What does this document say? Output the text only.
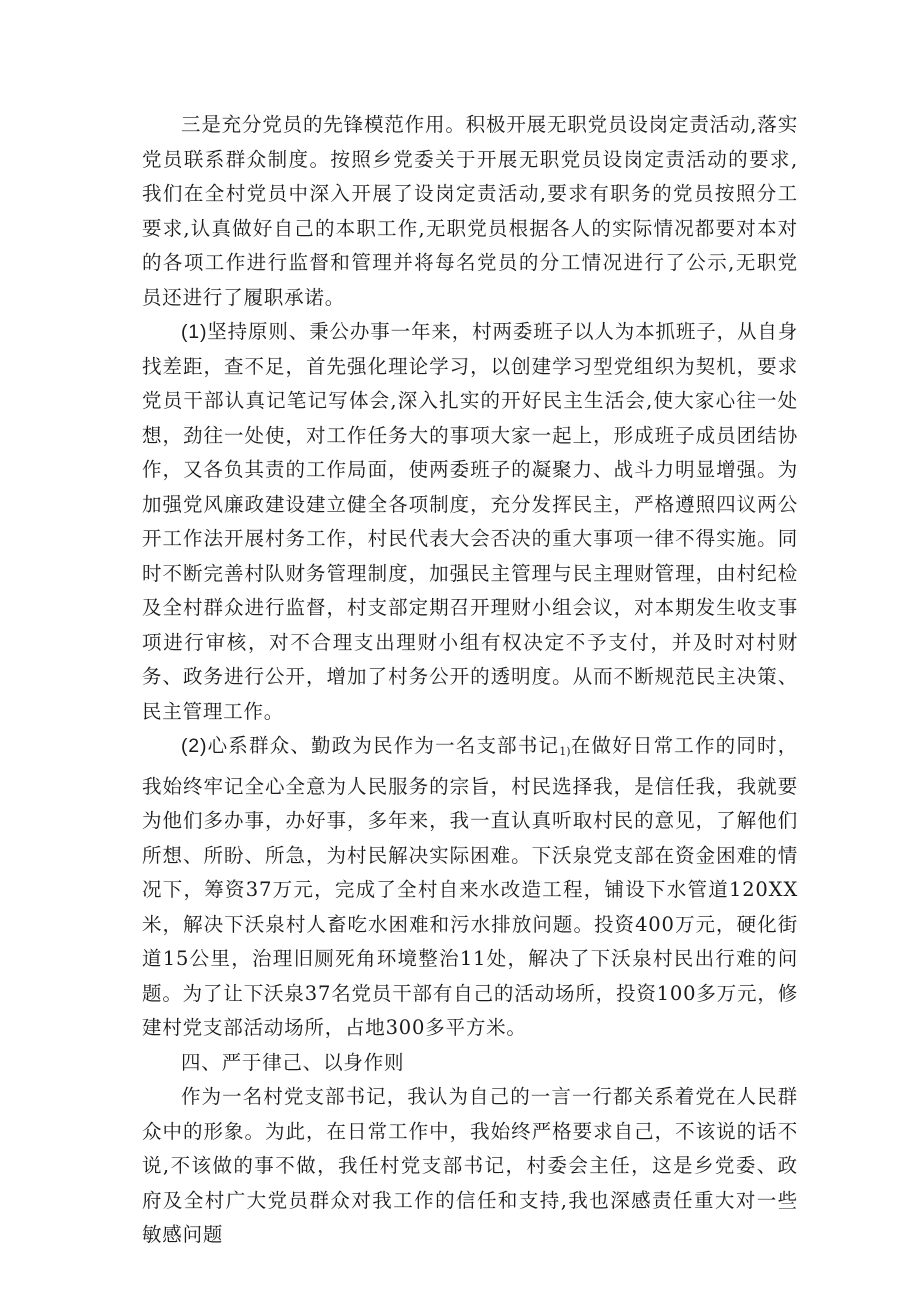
三是充分党员的先锋模范作用。积极开展无职党员设岗定责活动,落实党员联系群众制度。按照乡党委关于开展无职党员设岗定责活动的要求,我们在全村党员中深入开展了设岗定责活动,要求有职务的党员按照分工要求,认真做好自己的本职工作,无职党员根据各人的实际情况都要对本对的各项工作进行监督和管理并将每名党员的分工情况进行了公示,无职党员还进行了履职承诺。

(1)坚持原则、秉公办事一年来，村两委班子以人为本抓班子，从自身找差距，查不足，首先强化理论学习，以创建学习型党组织为契机，要求党员干部认真记笔记写体会,深入扎实的开好民主生活会,使大家心往一处想，劲往一处使，对工作任务大的事项大家一起上，形成班子成员团结协作，又各负其责的工作局面，使两委班子的凝聚力、战斗力明显增强。为加强党风廉政建设建立健全各项制度，充分发挥民主，严格遵照四议两公开工作法开展村务工作，村民代表大会否决的重大事项一律不得实施。同时不断完善村队财务管理制度，加强民主管理与民主理财管理，由村纪检及全村群众进行监督，村支部定期召开理财小组会议，对本期发生收支事项进行审核，对不合理支出理财小组有权决定不予支付，并及时对村财务、政务进行公开，增加了村务公开的透明度。从而不断规范民主决策、民主管理工作。

(2)心系群众、勤政为民作为一名支部书记$_{1)}$在做好日常工作的同时，我始终牢记全心全意为人民服务的宗旨，村民选择我，是信任我，我就要为他们多办事，办好事，多年来，我一直认真听取村民的意见，了解他们所想、所盼、所急，为村民解决实际困难。下沃泉党支部在资金困难的情况下，筹资37万元，完成了全村自来水改造工程，铺设下水管道120XX米，解决下沃泉村人畜吃水困难和污水排放问题。投资400万元，硬化街道15公里，治理旧厕死角环境整治11处，解决了下沃泉村民出行难的问题。为了让下沃泉37名党员干部有自己的活动场所，投资100多万元，修建村党支部活动场所，占地300多平方米。

四、严于律己、以身作则

作为一名村党支部书记，我认为自己的一言一行都关系着党在人民群众中的形象。为此，在日常工作中，我始终严格要求自己，不该说的话不说,不该做的事不做，我任村党支部书记，村委会主任，这是乡党委、政府及全村广大党员群众对我工作的信任和支持,我也深感责任重大对一些敏感问题
